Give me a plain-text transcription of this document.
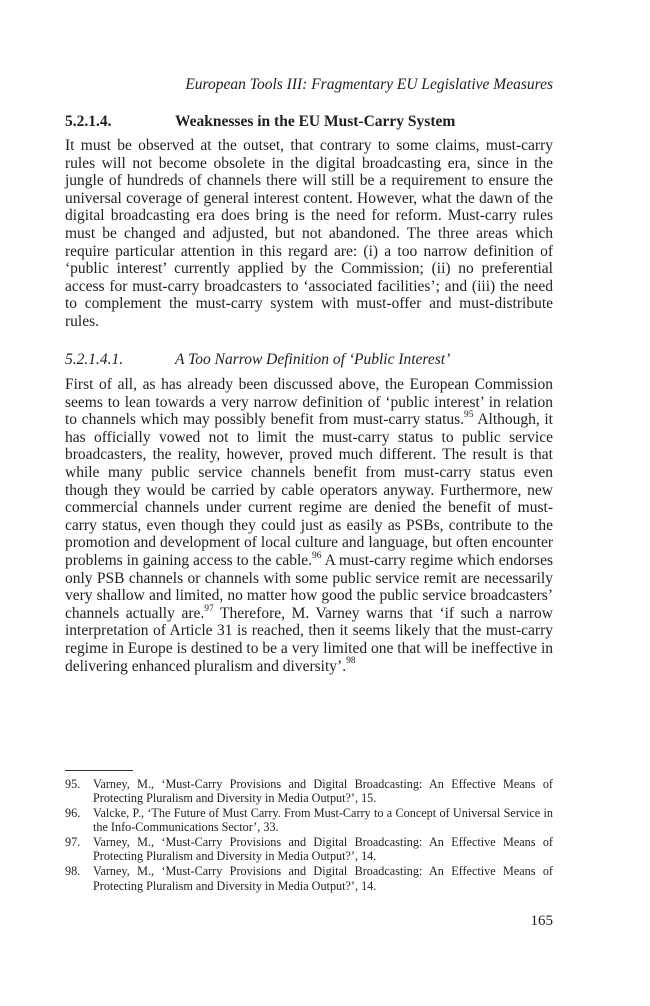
European Tools III: Fragmentary EU Legislative Measures
5.2.1.4.	Weaknesses in the EU Must-Carry System
It must be observed at the outset, that contrary to some claims, must-carry rules will not become obsolete in the digital broadcasting era, since in the jungle of hundreds of channels there will still be a requirement to ensure the universal coverage of general interest content. However, what the dawn of the digital broadcasting era does bring is the need for reform. Must-carry rules must be changed and adjusted, but not abandoned. The three areas which require particular attention in this regard are: (i) a too narrow definition of ‘public interest’ currently applied by the Commission; (ii) no preferential access for must-carry broadcasters to ‘associated facilities’; and (iii) the need to complement the must-carry system with must-offer and must-distribute rules.
5.2.1.4.1.	A Too Narrow Definition of ‘Public Interest’
First of all, as has already been discussed above, the European Commission seems to lean towards a very narrow definition of ‘public interest’ in relation to channels which may possibly benefit from must-carry status.$^{95}$ Although, it has officially vowed not to limit the must-carry status to public service broadcasters, the reality, however, proved much different. The result is that while many public service channels benefit from must-carry status even though they would be carried by cable operators anyway. Furthermore, new commercial channels under current regime are denied the benefit of must-carry status, even though they could just as easily as PSBs, contribute to the promotion and development of local culture and language, but often encounter problems in gaining access to the cable.$^{96}$ A must-carry regime which endorses only PSB channels or channels with some public service remit are necessarily very shallow and limited, no matter how good the public service broadcasters’ channels actually are.$^{97}$ Therefore, M. Varney warns that ‘if such a narrow interpretation of Article 31 is reached, then it seems likely that the must-carry regime in Europe is destined to be a very limited one that will be ineffective in delivering enhanced pluralism and diversity’.$^{98}$
95.	Varney, M., ‘Must-Carry Provisions and Digital Broadcasting: An Effective Means of Protecting Pluralism and Diversity in Media Output?’, 15.
96.	Valcke, P., ‘The Future of Must Carry. From Must-Carry to a Concept of Universal Service in the Info-Communications Sector’, 33.
97.	Varney, M., ‘Must-Carry Provisions and Digital Broadcasting: An Effective Means of Protecting Pluralism and Diversity in Media Output?’, 14.
98.	Varney, M., ‘Must-Carry Provisions and Digital Broadcasting: An Effective Means of Protecting Pluralism and Diversity in Media Output?’, 14.
165
